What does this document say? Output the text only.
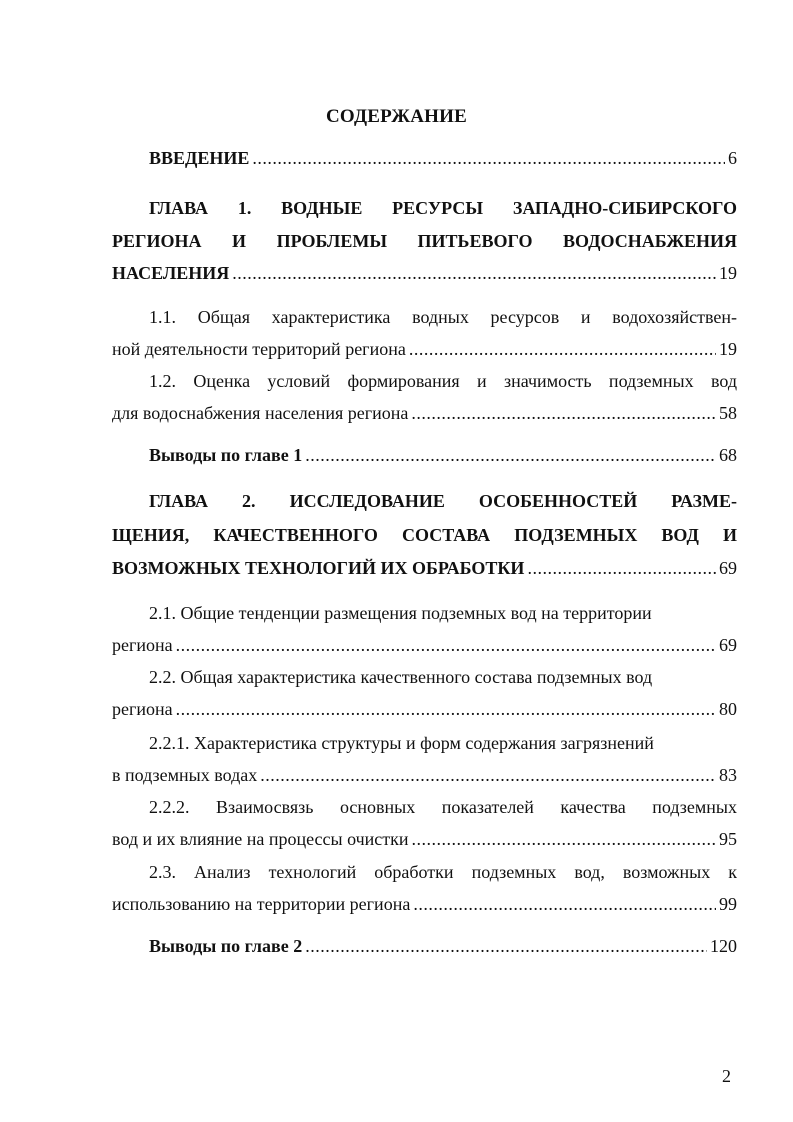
СОДЕРЖАНИЕ
ВВЕДЕНИЕ .....	6
ГЛАВА 1. ВОДНЫЕ РЕСУРСЫ ЗАПАДНО-СИБИРСКОГО
РЕГИОНА И ПРОБЛЕМЫ ПИТЬЕВОГО ВОДОСНАБЖЕНИЯ
НАСЕЛЕНИЯ .....	19
1.1. Общая характеристика водных ресурсов и водохозяйствен-
ной деятельности территорий региона .....	19
1.2. Оценка условий формирования и значимость подземных вод
для водоснабжения населения региона .....	58
Выводы по главе 1 .....	68
ГЛАВА 2. ИССЛЕДОВАНИЕ ОСОБЕННОСТЕЙ РАЗМЕ-
ЩЕНИЯ, КАЧЕСТВЕННОГО СОСТАВА ПОДЗЕМНЫХ ВОД И
ВОЗМОЖНЫХ ТЕХНОЛОГИЙ ИХ ОБРАБОТКИ .....	69
2.1. Общие тенденции размещения подземных вод на территории
региона .....	69
2.2. Общая характеристика качественного состава подземных вод
региона .....	80
2.2.1. Характеристика структуры и форм содержания загрязнений
в подземных водах .....	83
2.2.2. Взаимосвязь основных показателей качества подземных
вод и их влияние на процессы очистки .....	95
2.3. Анализ технологий обработки подземных вод, возможных к
использованию на территории региона .....	99
Выводы по главе 2 .....	120
2
